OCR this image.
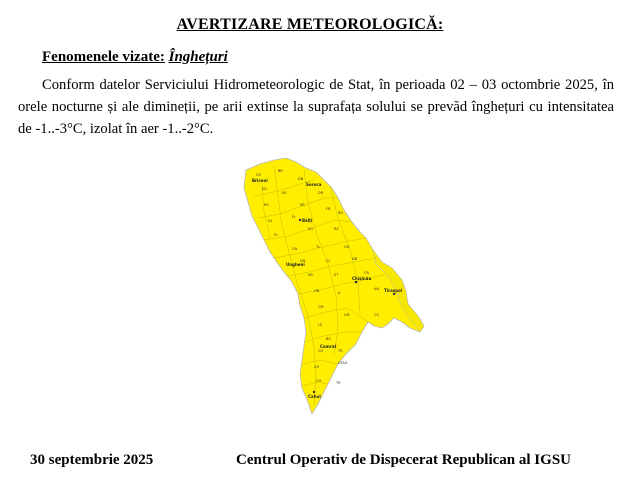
AVERTIZARE METEOROLOGICĂ:
Fenomenele vizate: Înghețuri
Conform datelor Serviciului Hidrometeorologic de Stat, în perioada 02 – 03 octombrie 2025, în orele nocturne și ale dimineții, pe arii extinse la suprafața solului se prevăd înghețuri cu intensitatea de -1..-3°C, izolat în aer -1..-2°C.
OC
BR
DN
ED
RS	DR
RS	SR
FR
GL
FL
SD
FL
SG	RZ
CN	TL	OH
UN	CL	DB
NS	ST	CR
HN	IL
AN
CM
CM	CS
LE
BS
CH	TR
UTAG
CH
CH	TR
Bălți
Chișinău
Tiraspol
Cahul
Briceni
Soroca
Ungheni
Comrat
30 septembrie 2025	Centrul Operativ de Dispecerat Republican al IGSU
